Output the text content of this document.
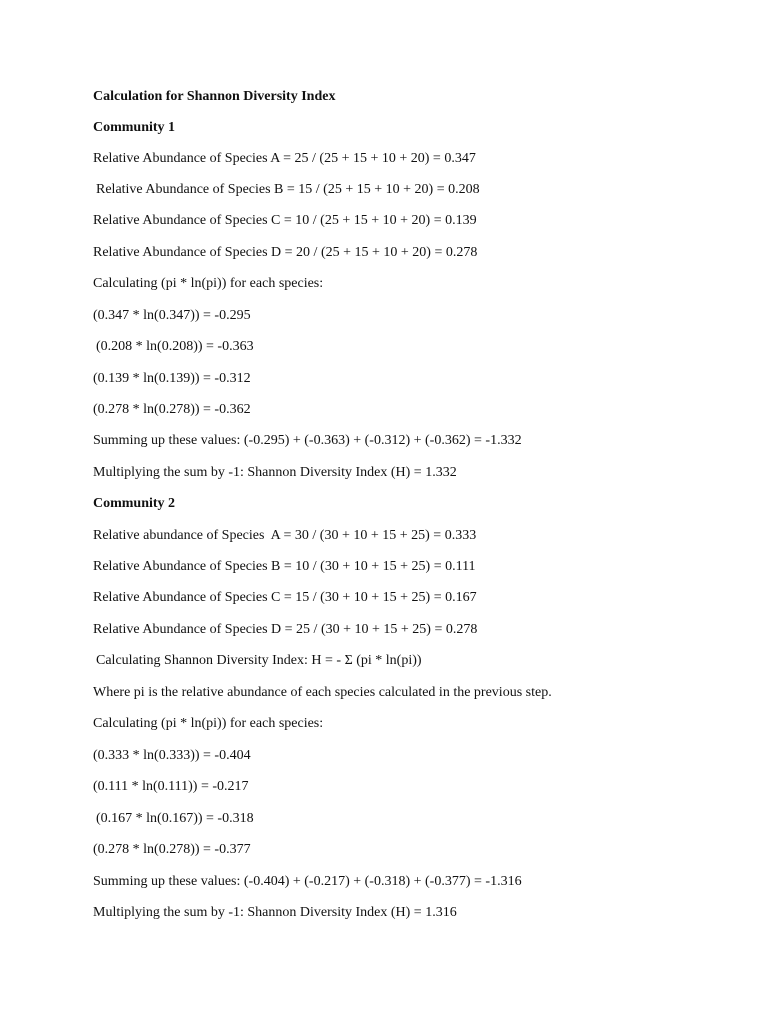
Calculation for Shannon Diversity Index
Community 1
Relative Abundance of Species A = 25 / (25 + 15 + 10 + 20) = 0.347
Relative Abundance of Species B = 15 / (25 + 15 + 10 + 20) = 0.208
Relative Abundance of Species C = 10 / (25 + 15 + 10 + 20) = 0.139
Relative Abundance of Species D = 20 / (25 + 15 + 10 + 20) = 0.278
Calculating (pi * ln(pi)) for each species:
(0.347 * ln(0.347)) = -0.295
(0.208 * ln(0.208)) = -0.363
(0.139 * ln(0.139)) = -0.312
(0.278 * ln(0.278)) = -0.362
Summing up these values: (-0.295) + (-0.363) + (-0.312) + (-0.362) = -1.332
Multiplying the sum by -1: Shannon Diversity Index (H) = 1.332
Community 2
Relative abundance of Species  A = 30 / (30 + 10 + 15 + 25) = 0.333
Relative Abundance of Species B = 10 / (30 + 10 + 15 + 25) = 0.111
Relative Abundance of Species C = 15 / (30 + 10 + 15 + 25) = 0.167
Relative Abundance of Species D = 25 / (30 + 10 + 15 + 25) = 0.278
Calculating Shannon Diversity Index: H = - Σ (pi * ln(pi))
Where pi is the relative abundance of each species calculated in the previous step.
Calculating (pi * ln(pi)) for each species:
(0.333 * ln(0.333)) = -0.404
(0.111 * ln(0.111)) = -0.217
(0.167 * ln(0.167)) = -0.318
(0.278 * ln(0.278)) = -0.377
Summing up these values: (-0.404) + (-0.217) + (-0.318) + (-0.377) = -1.316
Multiplying the sum by -1: Shannon Diversity Index (H) = 1.316
